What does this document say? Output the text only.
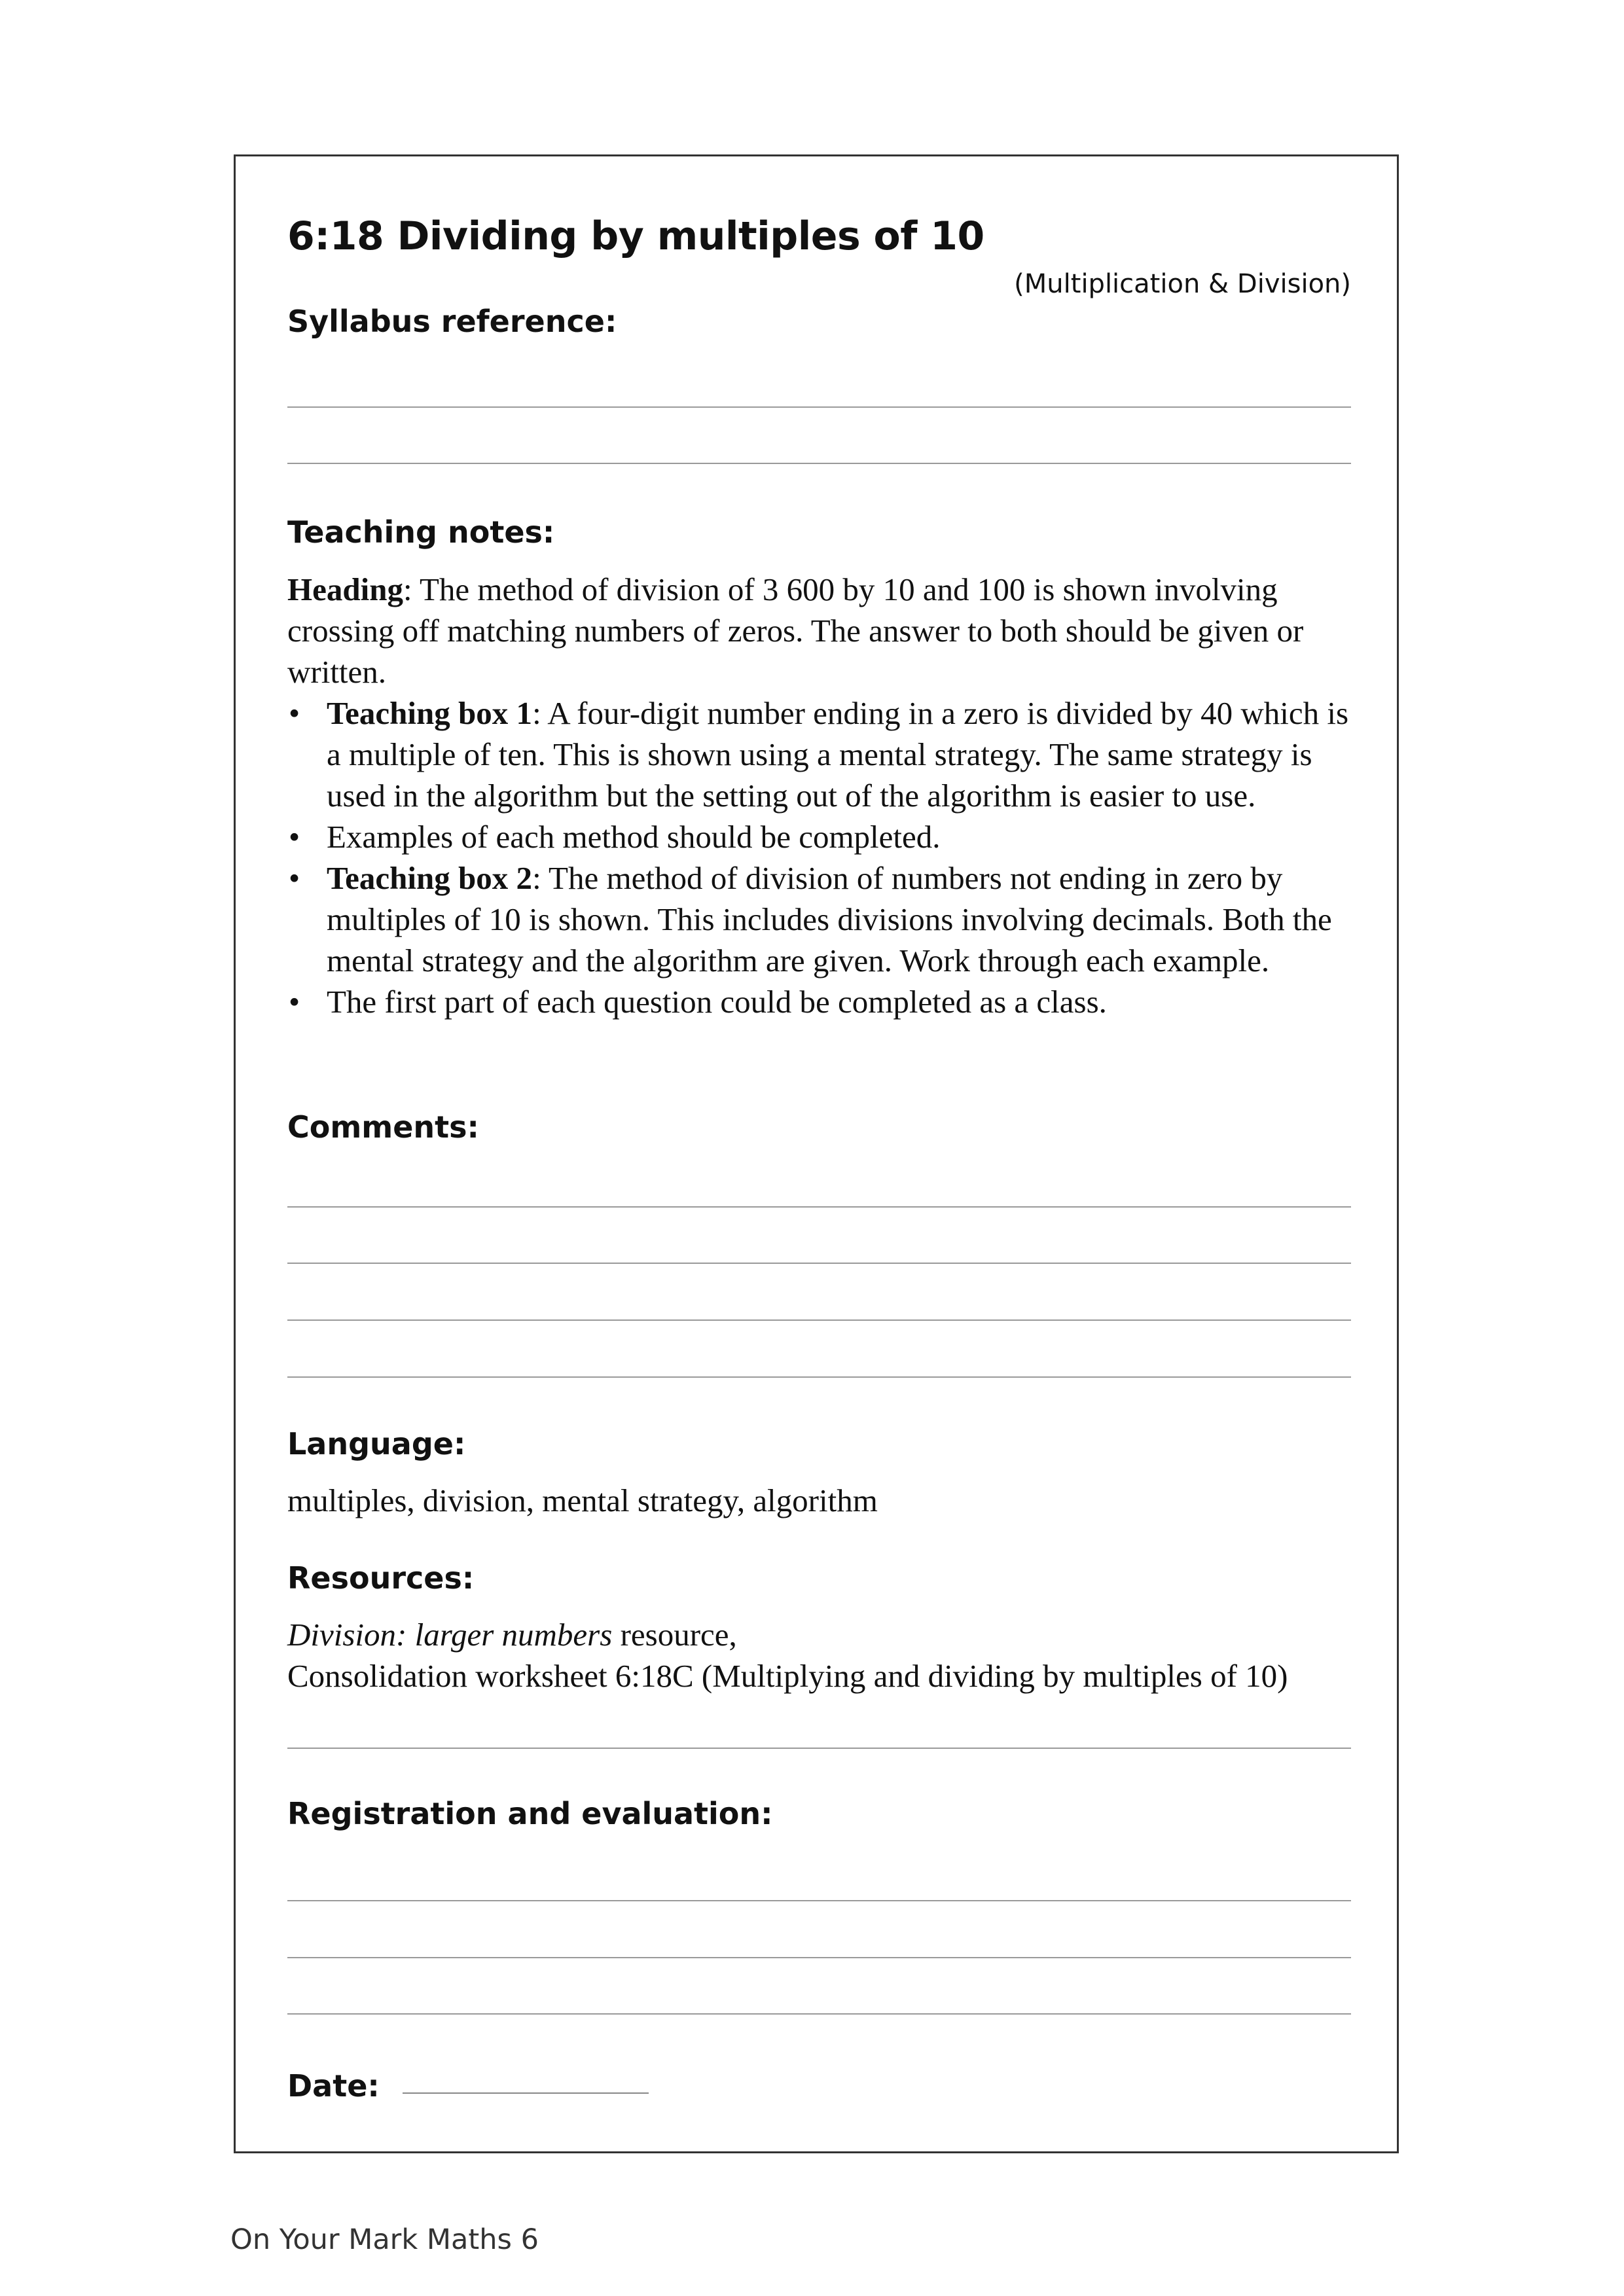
6:18 Dividing by multiples of 10
(Multiplication & Division)
Syllabus reference:
Teaching notes:
Heading: The method of division of 3 600 by 10 and 100 is shown involving crossing off matching numbers of zeros. The answer to both should be given or written.
• Teaching box 1: A four-digit number ending in a zero is divided by 40 which is a multiple of ten. This is shown using a mental strategy. The same strategy is used in the algorithm but the setting out of the algorithm is easier to use.
• Examples of each method should be completed.
• Teaching box 2: The method of division of numbers not ending in zero by multiples of 10 is shown. This includes divisions involving decimals. Both the mental strategy and the algorithm are given. Work through each example.
• The first part of each question could be completed as a class.
Comments:
Language:
multiples, division, mental strategy, algorithm
Resources:
Division: larger numbers resource,
Consolidation worksheet 6:18C (Multiplying and dividing by multiples of 10)
Registration and evaluation:
Date:
On Your Mark Maths 6
